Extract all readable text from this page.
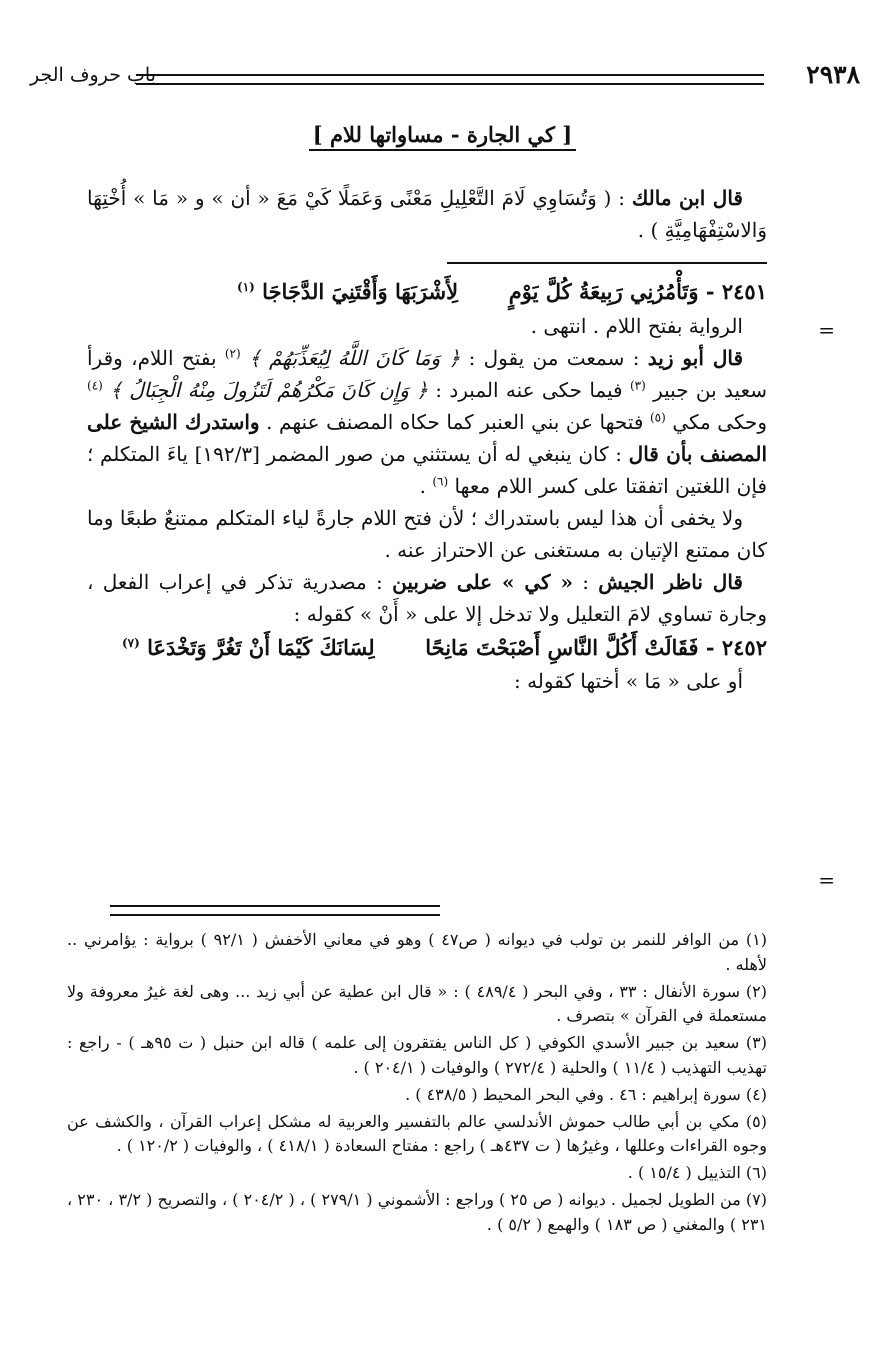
٢٩٣٨
باب حروف الجر
[ كي الجارة - مساواتها للام ]
=
=

قال ابن مالك : ( وَتُسَاوِي لَامَ التَّعْلِيلِ مَعْنًى وَعَمَلًا كَيْ مَعَ « أن » و « مَا » أُخْتِهَا وَالاسْتِفْهَامِيَّةِ ) .

٢٤٥١ - وَتَأْمُرُنِي رَبِيعَةُ كُلَّ يَوْمٍ  لِأَشْرَبَهَا وَأَقْتَنِيَ الدَّجَاجَا $^{(١)}$

الرواية بفتح اللام . انتهى .

قال أبو زيد : سمعت من يقول : ﴿ وَمَا كَانَ اللَّهُ لِيُعَذِّبَهُمْ ﴾ $^{(٢)}$ بفتح اللام، وقرأ سعيد بن جبير $^{(٣)}$ فيما حكى عنه المبرد : ﴿ وَإِن كَانَ مَكْرُهُمْ لَتَزُولَ مِنْهُ الْجِبَالُ ﴾ $^{(٤)}$ وحكى مكي $^{(٥)}$ فتحها عن بني العنبر كما حكاه المصنف عنهم . واستدرك الشيخ على المصنف بأن قال : كان ينبغي له أن يستثني من صور المضمر [١٩٢/٣] ياءَ المتكلم ؛ فإن اللغتين اتفقتا على كسر اللام معها $^{(٦)}$ .

ولا يخفى أن هذا ليس باستدراك ؛ لأن فتح اللام جارةً لياء المتكلم ممتنعٌ طبعًا وما كان ممتنع الإتيان به مستغنى عن الاحتراز عنه .

قال ناظر الجيش : « كي » على ضربين : مصدرية تذكر في إعراب الفعل ، وجارة تساوي لامَ التعليل ولا تدخل إلا على « أَنْ » كقوله :

٢٤٥٢ - فَقَالَتْ أَكُلَّ النَّاسِ أَصْبَحْتَ مَانِحًا  لِسَانَكَ كَيْمَا أَنْ تَغُرَّ وَتَخْدَعَا $^{(٧)}$

أو على « مَا » أختها كقوله :

(١) من الوافر للنمر بن تولب في ديوانه ( ص٤٧ ) وهو في معاني الأخفش ( ٩٢/١ ) برواية : يؤامرني .. لأهله .

(٢) سورة الأنفال : ٣٣ ، وفي البحر ( ٤٨٩/٤ ) : « قال ابن عطية عن أبي زيد ... وهى لغة غيرُ معروفة ولا مستعملة في القرآن » بتصرف .

(٣) سعيد بن جبير الأسدي الكوفي ( كل الناس يفتقرون إلى علمه ) قاله ابن حنبل ( ت ٩٥هـ ) - راجع : تهذيب التهذيب ( ١١/٤ ) والحلية ( ٢٧٢/٤ ) والوفيات ( ٢٠٤/١ ) .

(٤) سورة إبراهيم : ٤٦ . وفي البحر المحيط ( ٤٣٨/٥ ) .

(٥) مكي بن أبي طالب حموش الأندلسي عالم بالتفسير والعربية له مشكل إعراب القرآن ، والكشف عن وجوه القراءات وعللها ، وغيرُها ( ت ٤٣٧هـ ) راجع : مفتاح السعادة ( ٤١٨/١ ) ، والوفيات ( ١٢٠/٢ ) .

(٦) التذييل ( ١٥/٤ ) .

(٧) من الطويل لجميل . ديوانه ( ص ٢٥ ) وراجع : الأشموني ( ٢٧٩/١ ) ، ( ٢٠٤/٢ ) ، والتصريح ( ٣/٢ ، ٢٣٠ ، ٢٣١ ) والمغني ( ص ١٨٣ ) والهمع ( ٥/٢ ) .
